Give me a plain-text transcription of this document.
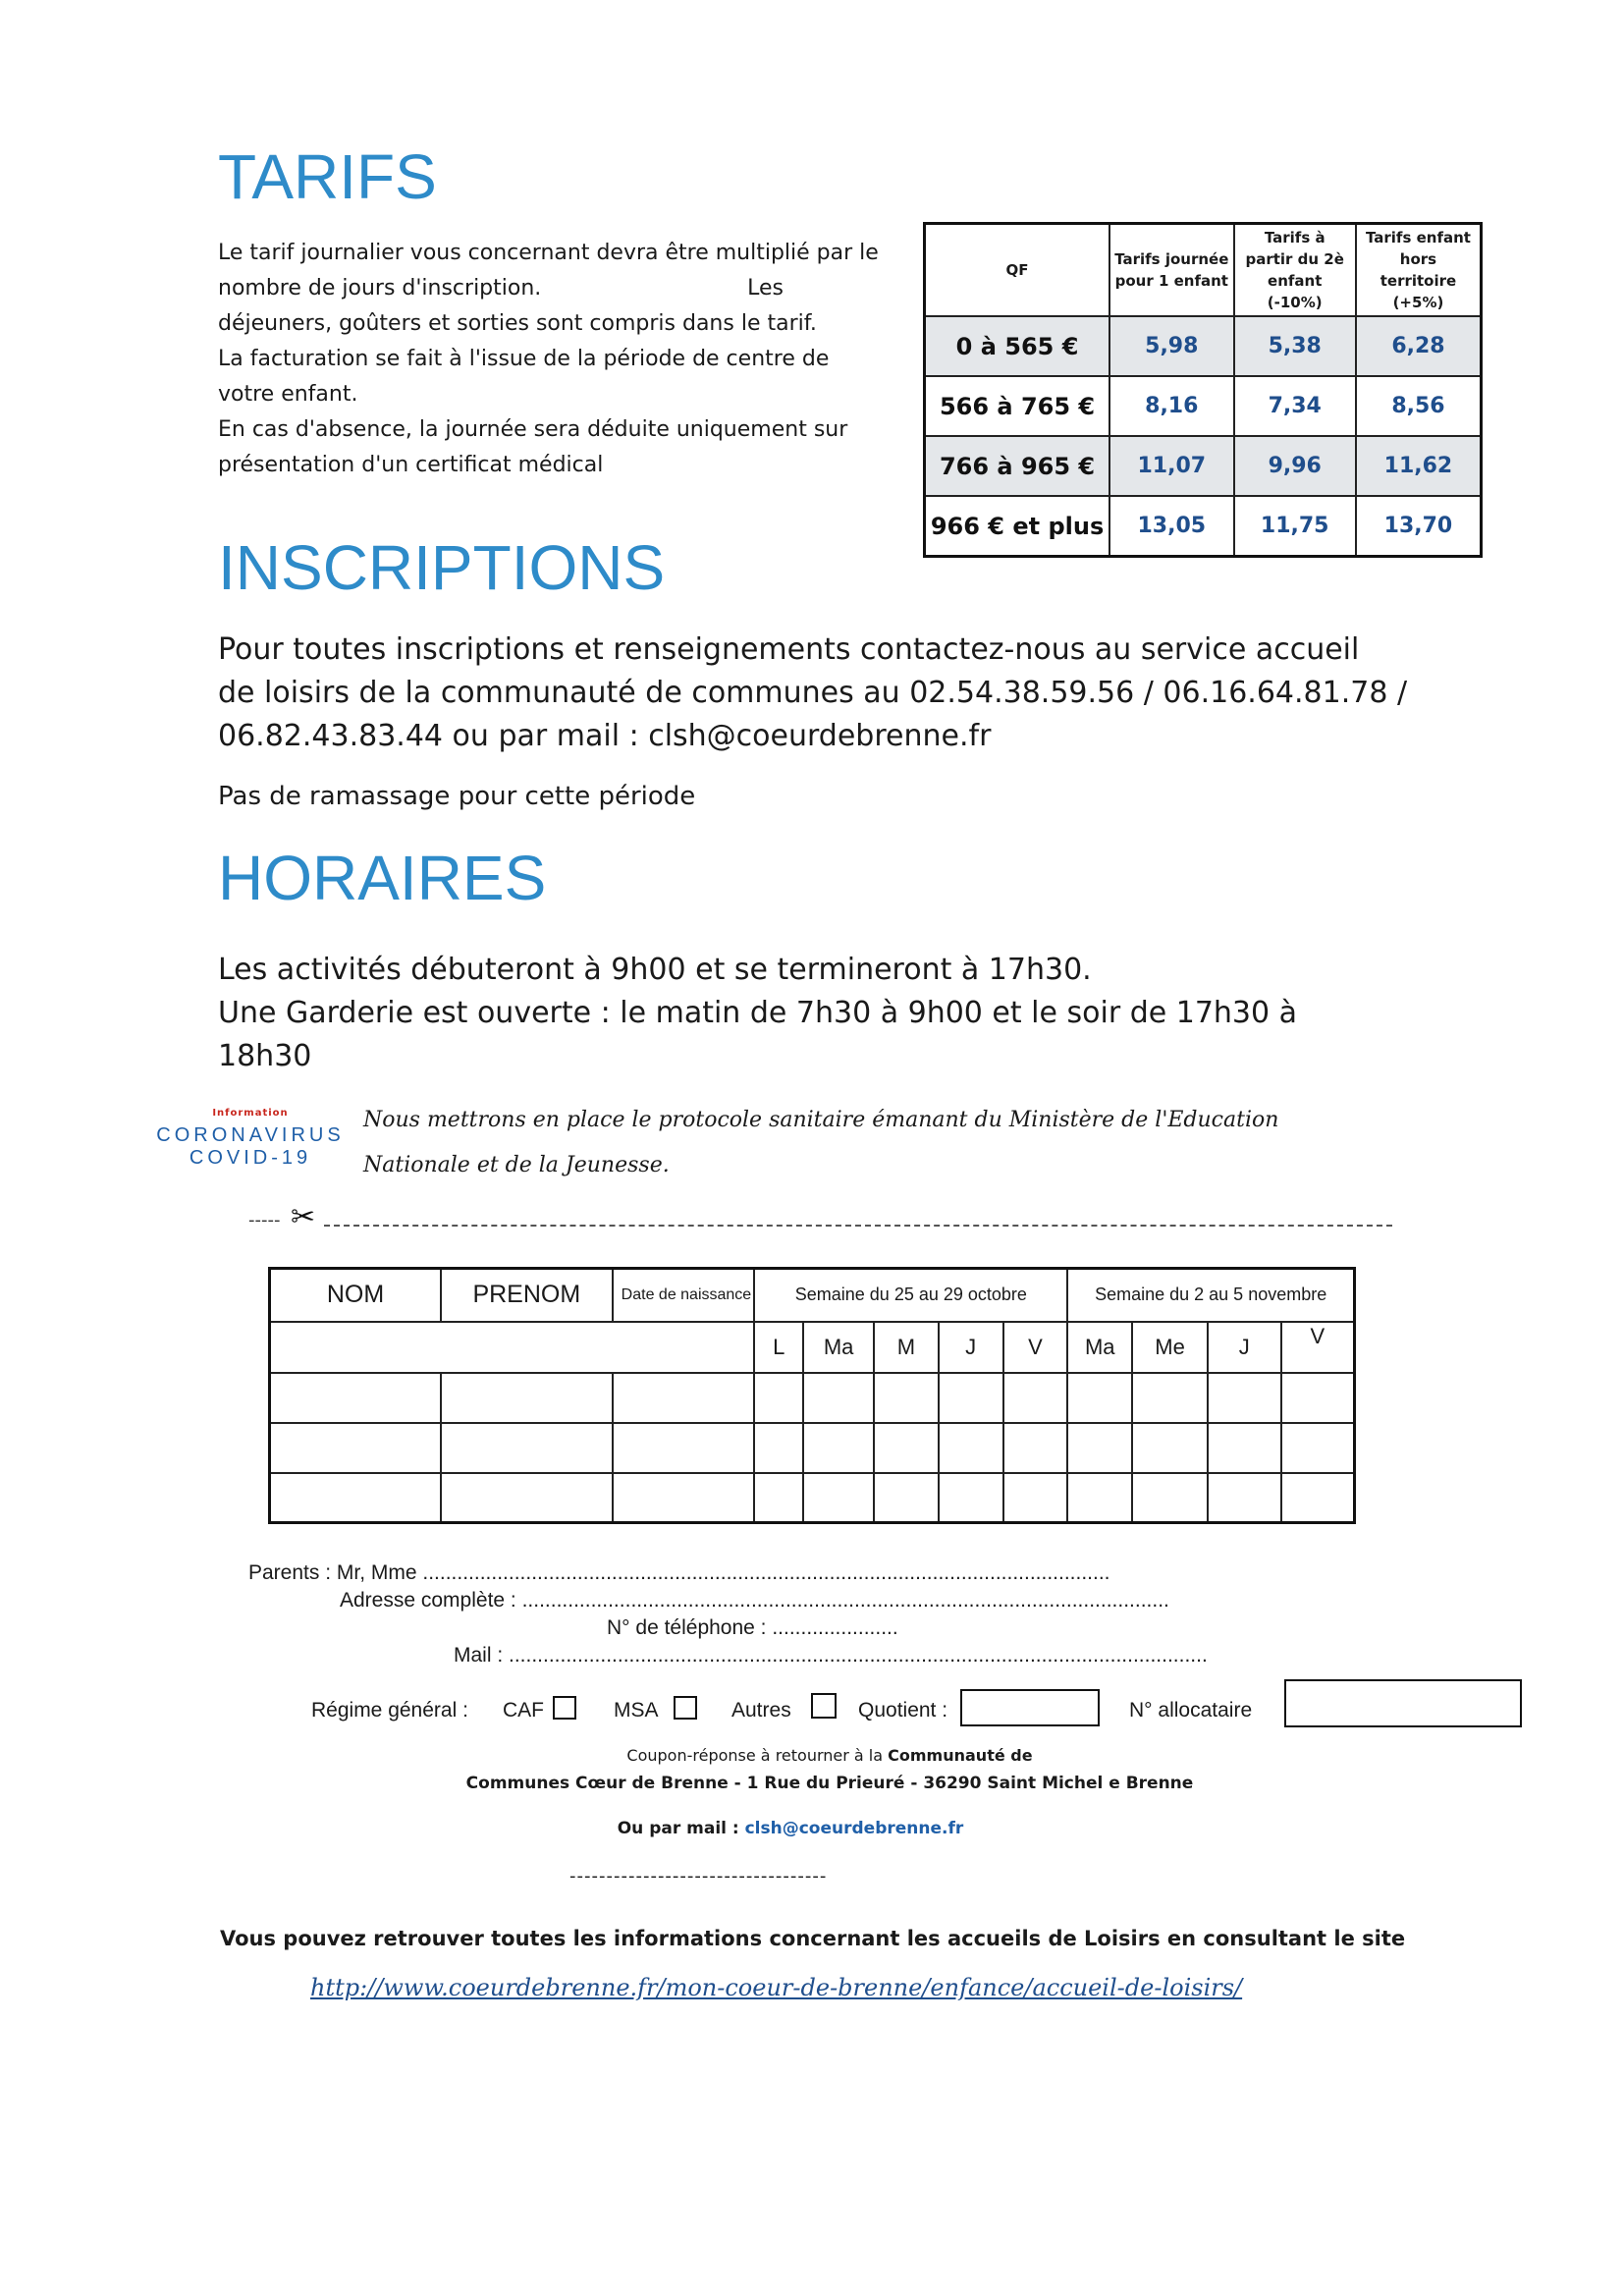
TARIFS
Le tarif journalier vous concernant devra être multiplié par le
nombre de jours d'inscription.                              Les
déjeuners, goûters et sorties sont compris dans le tarif.
La facturation se fait à l'issue de la période de centre de
votre enfant.
En cas d'absence, la journée sera déduite uniquement sur
présentation d'un certificat médical
QF	Tarifs journée pour 1 enfant	Tarifs à partir du 2è enfant (-10%)	Tarifs enfant hors territoire (+5%)
0 à 565 €	5,98	5,38	6,28
566 à 765 €	8,16	7,34	8,56
766 à 965 €	11,07	9,96	11,62
966 € et plus	13,05	11,75	13,70
INSCRIPTIONS
Pour toutes inscriptions et renseignements contactez-nous au service accueil
de loisirs de la communauté de communes au 02.54.38.59.56 / 06.16.64.81.78 /
06.82.43.83.44 ou par mail : clsh@coeurdebrenne.fr
Pas de ramassage pour cette période
HORAIRES
Les activités débuteront à 9h00 et se termineront à 17h30.
Une Garderie est ouverte : le matin de 7h30 à 9h00 et le soir de 17h30 à
18h30
Information
CORONAVIRUS
COVID-19
Nous mettrons en place le protocole sanitaire émanant du Ministère de l'Education
Nationale et de la Jeunesse.
----- ✂
NOM	PRENOM	Date de naissance	Semaine du 25 au 29 octobre					Semaine du 2 au 5 novembre			
			L	Ma	M	J	V	Ma	Me	J	V

Parents : Mr, Mme ........................................................................................................................
Adresse complète : .................................................................................................................
N° de téléphone : ......................
Mail : ..........................................................................................................................
Régime général : CAF	MSA	Autres	Quotient :	N° allocataire
Coupon-réponse à retourner à la Communauté de
Communes Cœur de Brenne - 1 Rue du Prieuré - 36290 Saint Michel e Brenne
Ou par mail : clsh@coeurdebrenne.fr
-----------------------------------
Vous pouvez retrouver toutes les informations concernant les accueils de Loisirs en consultant le site
http://www.coeurdebrenne.fr/mon-coeur-de-brenne/enfance/accueil-de-loisirs/
